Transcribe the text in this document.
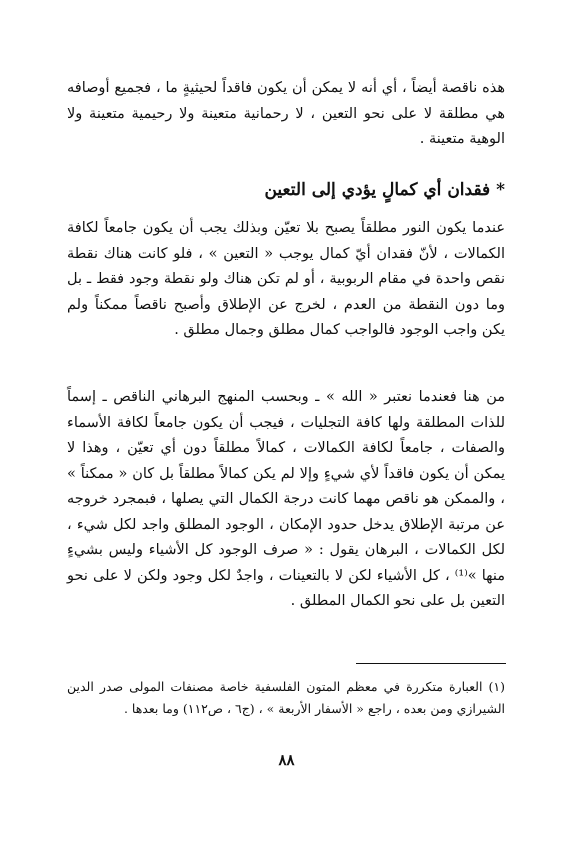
هذه ناقصة أيضاً ، أي أنه لا يمكن أن يكون فاقداً لحيثيةٍ ما ، فجميع أوصافه هي مطلقة لا على نحو التعين ، لا رحمانية متعينة ولا رحيمية متعينة ولا الوهية متعينة .

* فقدان أي كمالٍ يؤدي إلى التعين

عندما يكون النور مطلقاً يصبح بلا تعيّن وبذلك يجب أن يكون جامعاً لكافة الكمالات ، لأنّ فقدان أيّ كمال يوجب « التعين » ، فلو كانت هناك نقطة نقص واحدة في مقام الربوبية ، أو لم تكن هناك ولو نقطة وجود فقط ـ بل وما دون النقطة من العدم ، لخرج عن الإطلاق وأصبح ناقصاً ممكناً ولم يكن واجب الوجود فالواجب كمال مطلق وجمال مطلق .

من هنا فعندما نعتبر « الله » ـ وبحسب المنهج البرهاني الناقص ـ إسماً للذات المطلقة ولها كافة التجليات ، فيجب أن يكون جامعاً لكافة الأسماء والصفات ، جامعاً لكافة الكمالات ، كمالاً مطلقاً دون أي تعيّن ، وهذا لا يمكن أن يكون فاقداً لأي شيءٍ وإلا لم يكن كمالاً مطلقاً بل كان « ممكناً » ، والممكن هو ناقص مهما كانت درجة الكمال التي يصلها ، فبمجرد خروجه عن مرتبة الإطلاق يدخل حدود الإمكان ، الوجود المطلق واجد لكل شيء ، لكل الكمالات ، البرهان يقول : « صرف الوجود كل الأشياء وليس بشيءٍ منها »⁽¹⁾ ، كل الأشياء لكن لا بالتعينات ، واجدٌ لكل وجود ولكن لا على نحو التعين بل على نحو الكمال المطلق .

(١) العبارة متكررة في معظم المتون الفلسفية خاصة مصنفات المولى صدر الدين الشيرازي ومن بعده ، راجع « الأسفار الأربعة » ، (ج٦ ، ص١١٢) وما بعدها .

٨٨
